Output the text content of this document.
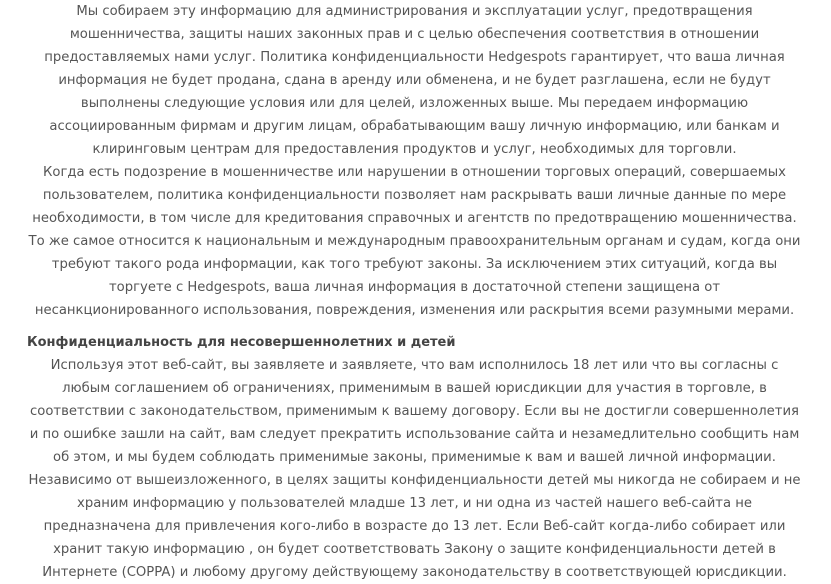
Мы собираем эту информацию для администрирования и эксплуатации услуг, предотвращения мошенничества, защиты наших законных прав и с целью обеспечения соответствия в отношении предоставляемых нами услуг. Политика конфиденциальности Hedgespots гарантирует, что ваша личная информация не будет продана, сдана в аренду или обменена, и не будет разглашена, если не будут выполнены следующие условия или для целей, изложенных выше. Мы передаем информацию ассоциированным фирмам и другим лицам, обрабатывающим вашу личную информацию, или банкам и клиринговым центрам для предоставления продуктов и услуг, необходимых для торговли.

Когда есть подозрение в мошенничестве или нарушении в отношении торговых операций, совершаемых пользователем, политика конфиденциальности позволяет нам раскрывать ваши личные данные по мере необходимости, в том числе для кредитования справочных и агентств по предотвращению мошенничества. То же самое относится к национальным и международным правоохранительным органам и судам, когда они требуют такого рода информации, как того требуют законы. За исключением этих ситуаций, когда вы торгуете с Hedgespots, ваша личная информация в достаточной степени защищена от несанкционированного использования, повреждения, изменения или раскрытия всеми разумными мерами.

Конфиденциальность для несовершеннолетних и детей

Используя этот веб-сайт, вы заявляете и заявляете, что вам исполнилось 18 лет или что вы согласны с любым соглашением об ограничениях, применимым в вашей юрисдикции для участия в торговле, в соответствии с законодательством, применимым к вашему договору. Если вы не достигли совершеннолетия и по ошибке зашли на сайт, вам следует прекратить использование сайта и незамедлительно сообщить нам об этом, и мы будем соблюдать применимые законы, применимые к вам и вашей личной информации.

Независимо от вышеизложенного, в целях защиты конфиденциальности детей мы никогда не собираем и не храним информацию у пользователей младше 13 лет, и ни одна из частей нашего веб-сайта не предназначена для привлечения кого-либо в возрасте до 13 лет. Если Веб-сайт когда-либо собирает или хранит такую информацию , он будет соответствовать Закону о защите конфиденциальности детей в Интернете (COPPA) и любому другому действующему законодательству в соответствующей юрисдикции.
